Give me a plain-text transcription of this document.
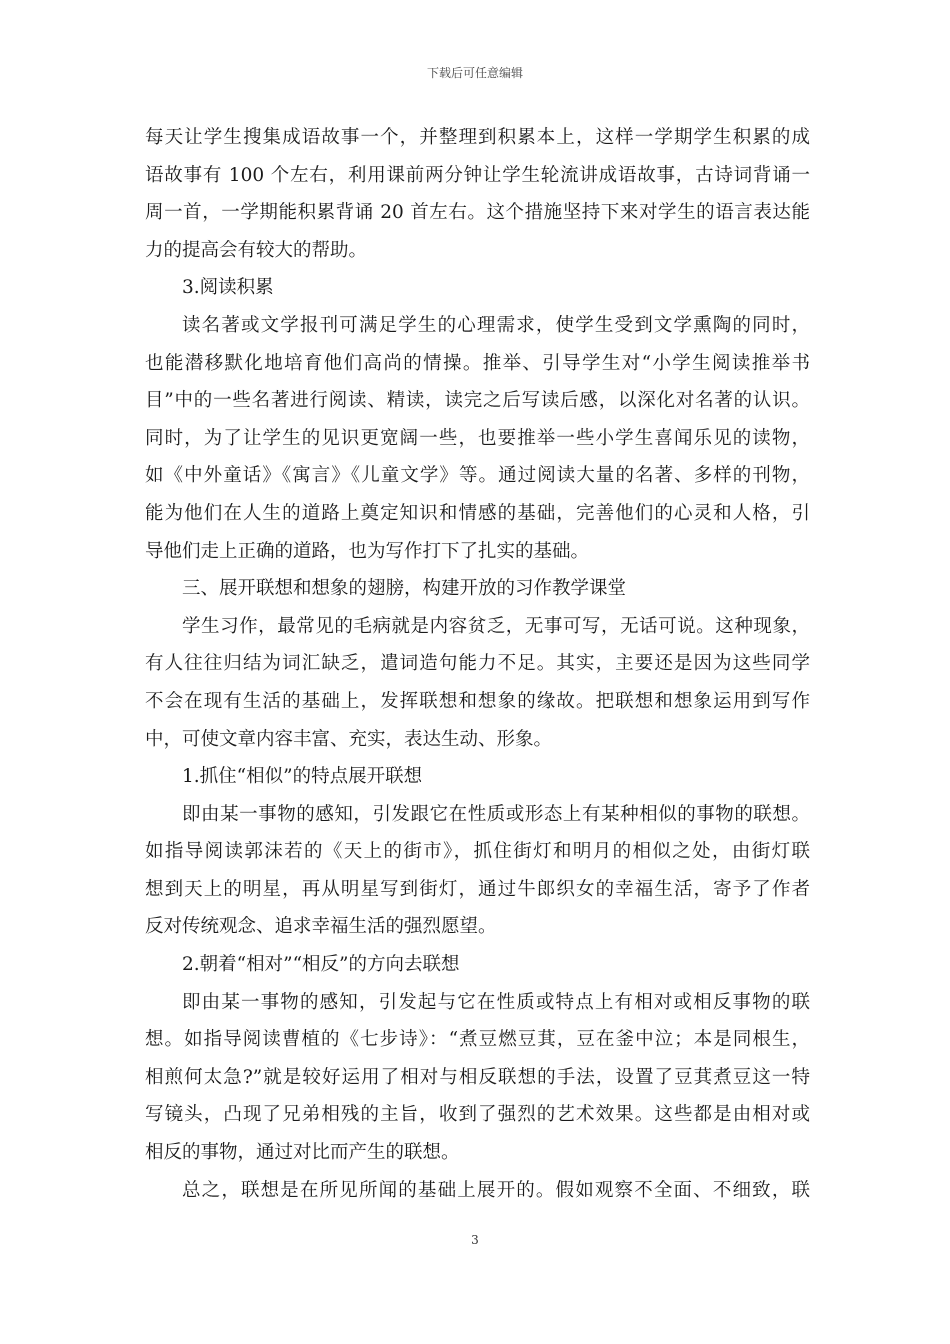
下载后可任意编辑
每天让学生搜集成语故事一个，并整理到积累本上，这样一学期学生积累的成
语故事有 100 个左右，利用课前两分钟让学生轮流讲成语故事，古诗词背诵一
周一首，一学期能积累背诵 20 首左右。这个措施坚持下来对学生的语言表达能
力的提高会有较大的帮助。
3.阅读积累
读名著或文学报刊可满足学生的心理需求，使学生受到文学熏陶的同时，
也能潜移默化地培育他们高尚的情操。推举、引导学生对“小学生阅读推举书
目”中的一些名著进行阅读、精读，读完之后写读后感，以深化对名著的认识。
同时，为了让学生的见识更宽阔一些，也要推举一些小学生喜闻乐见的读物，
如《中外童话》《寓言》《儿童文学》等。通过阅读大量的名著、多样的刊物，
能为他们在人生的道路上奠定知识和情感的基础，完善他们的心灵和人格，引
导他们走上正确的道路，也为写作打下了扎实的基础。
三、展开联想和想象的翅膀，构建开放的习作教学课堂
学生习作，最常见的毛病就是内容贫乏，无事可写，无话可说。这种现象，
有人往往归结为词汇缺乏，遣词造句能力不足。其实，主要还是因为这些同学
不会在现有生活的基础上，发挥联想和想象的缘故。把联想和想象运用到写作
中，可使文章内容丰富、充实，表达生动、形象。
1.抓住“相似”的特点展开联想
即由某一事物的感知，引发跟它在性质或形态上有某种相似的事物的联想。
如指导阅读郭沫若的《天上的街市》，抓住街灯和明月的相似之处，由街灯联
想到天上的明星，再从明星写到街灯，通过牛郎织女的幸福生活，寄予了作者
反对传统观念、追求幸福生活的强烈愿望。
2.朝着“相对”“相反”的方向去联想
即由某一事物的感知，引发起与它在性质或特点上有相对或相反事物的联
想。如指导阅读曹植的《七步诗》：“煮豆燃豆萁，豆在釜中泣；本是同根生，
相煎何太急?”就是较好运用了相对与相反联想的手法，设置了豆萁煮豆这一特
写镜头，凸现了兄弟相残的主旨，收到了强烈的艺术效果。这些都是由相对或
相反的事物，通过对比而产生的联想。
总之，联想是在所见所闻的基础上展开的。假如观察不全面、不细致，联
3
